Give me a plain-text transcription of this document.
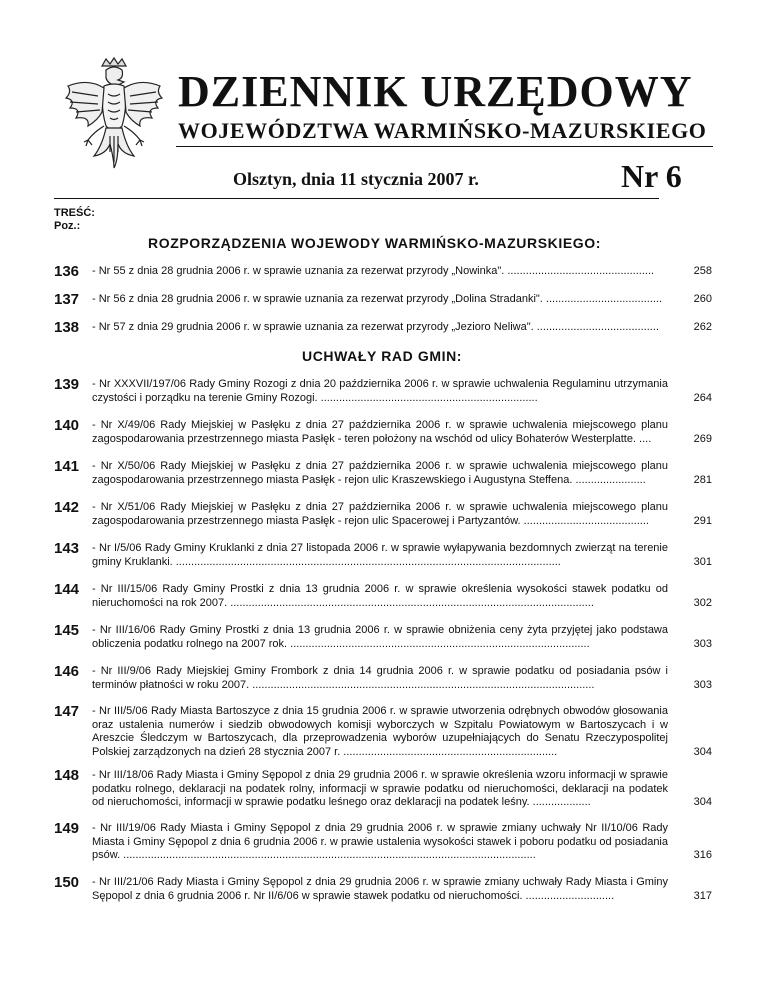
DZIENNIK URZĘDOWY
WOJEWÓDZTWA WARMIŃSKO-MAZURSKIEGO
Olsztyn, dnia 11 stycznia 2007 r.	Nr 6
TREŚĆ:
Poz.:
ROZPORZĄDZENIA WOJEWODY WARMIŃSKO-MAZURSKIEGO:
136 - Nr 55 z dnia 28 grudnia 2006 r. w sprawie uznania za rezerwat przyrody „Nowinka". ................................................	258
137 - Nr 56 z dnia 28 grudnia 2006 r. w sprawie uznania za rezerwat przyrody „Dolina Stradanki". ......................................	260
138 - Nr 57 z dnia 29 grudnia 2006 r. w sprawie uznania za rezerwat przyrody „Jezioro Neliwa". ........................................	262
UCHWAŁY RAD GMIN:
139 - Nr XXXVII/197/06 Rady Gminy Rozogi z dnia 20 października 2006 r. w sprawie uchwalenia Regulaminu utrzymania czystości i porządku na terenie Gminy Rozogi. .......................................................................	264
140 - Nr X/49/06 Rady Miejskiej w Pasłęku z dnia 27 października 2006 r. w sprawie uchwalenia miejscowego planu zagospodarowania przestrzennego miasta Pasłęk - teren położony na wschód od ulicy Bohaterów Westerplatte. ....	269
141 - Nr X/50/06 Rady Miejskiej w Pasłęku z dnia 27 października 2006 r. w sprawie uchwalenia miejscowego planu zagospodarowania przestrzennego miasta Pasłęk - rejon ulic Kraszewskiego i Augustyna Steffena. .......................	281
142 - Nr X/51/06 Rady Miejskiej w Pasłęku z dnia 27 października 2006 r. w sprawie uchwalenia miejscowego planu zagospodarowania przestrzennego miasta Pasłęk - rejon ulic Spacerowej i Partyzantów. .........................................	291
143 - Nr I/5/06 Rady Gminy Kruklanki z dnia 27 listopada 2006 r. w sprawie wyłapywania bezdomnych zwierząt na terenie gminy Kruklanki. ..............................................................................................................................	301
144 - Nr III/15/06 Rady Gminy Prostki z dnia 13 grudnia 2006 r. w sprawie określenia wysokości stawek podatku od nieruchomości na rok 2007. .......................................................................................................................	302
145 - Nr III/16/06 Rady Gminy Prostki z dnia 13 grudnia 2006 r. w sprawie obniżenia ceny żyta przyjętej jako podstawa obliczenia podatku rolnego na 2007 rok. ..................................................................................................	303
146 - Nr III/9/06 Rady Miejskiej Gminy Frombork z dnia 14 grudnia 2006 r. w sprawie podatku od posiadania psów i terminów płatności w roku 2007. ................................................................................................................	303
147 - Nr III/5/06 Rady Miasta Bartoszyce z dnia 15 grudnia 2006 r. w sprawie utworzenia odrębnych obwodów głosowania oraz ustalenia numerów i siedzib obwodowych komisji wyborczych w Szpitalu Powiatowym w Bartoszycach i w Areszcie Śledczym w Bartoszycach, dla przeprowadzenia wyborów uzupełniających do Senatu Rzeczypospolitej Polskiej zarządzonych na dzień 28 stycznia 2007 r. ......................................................................	304
148 - Nr III/18/06 Rady Miasta i Gminy Sępopol z dnia 29 grudnia 2006 r. w sprawie określenia wzoru informacji w sprawie podatku rolnego, deklaracji na podatek rolny, informacji w sprawie podatku od nieruchomości, deklaracji na podatek od nieruchomości, informacji w sprawie podatku leśnego oraz deklaracji na podatek leśny. ...................	304
149 - Nr III/19/06 Rady Miasta i Gminy Sępopol z dnia 29 grudnia 2006 r. w sprawie zmiany uchwały Nr II/10/06 Rady Miasta i Gminy Sępopol z dnia 6 grudnia 2006 r. w prawie ustalenia wysokości stawek i poboru podatku od posiadania psów. .......................................................................................................................................	316
150 - Nr III/21/06 Rady Miasta i Gminy Sępopol z dnia 29 grudnia 2006 r. w sprawie zmiany uchwały Rady Miasta i Gminy Sępopol z dnia 6 grudnia 2006 r. Nr II/6/06 w sprawie stawek podatku od nieruchomości. .............................	317
